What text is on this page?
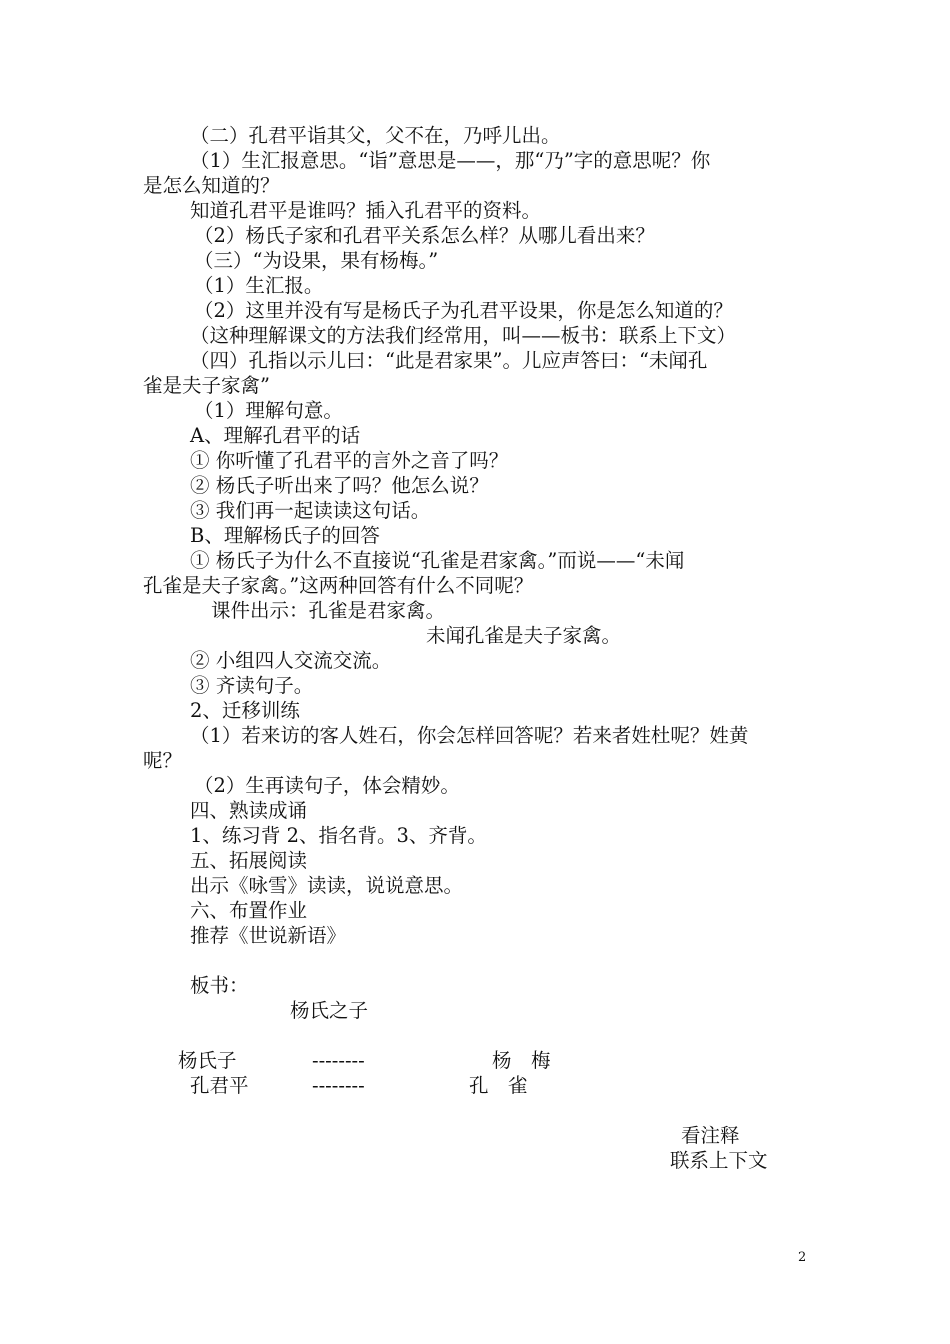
（二）孔君平诣其父，父不在，乃呼儿出。
（1）生汇报意思。“诣”意思是——，那“乃”字的意思呢？你
是怎么知道的？
知道孔君平是谁吗？插入孔君平的资料。
（2）杨氏子家和孔君平关系怎么样？从哪儿看出来？
（三）“为设果，果有杨梅。”
（1）生汇报。
（2）这里并没有写是杨氏子为孔君平设果，你是怎么知道的？
（这种理解课文的方法我们经常用，叫——板书：联系上下文）
（四）孔指以示儿曰：“此是君家果”。儿应声答曰：“未闻孔
雀是夫子家禽”
（1）理解句意。
A、理解孔君平的话
① 你听懂了孔君平的言外之音了吗？
② 杨氏子听出来了吗？他怎么说？
③ 我们再一起读读这句话。
B、理解杨氏子的回答
① 杨氏子为什么不直接说“孔雀是君家禽。”而说——“未闻
孔雀是夫子家禽。”这两种回答有什么不同呢？
课件出示：孔雀是君家禽。
未闻孔雀是夫子家禽。
② 小组四人交流交流。
③ 齐读句子。
2、迁移训练
（1）若来访的客人姓石，你会怎样回答呢？若来者姓杜呢？姓黄
呢？
（2）生再读句子，体会精妙。
四、熟读成诵
1、练习背 2、指名背。3、齐背。
五、拓展阅读
出示《咏雪》读读，说说意思。
六、布置作业
推荐《世说新语》
板书：
杨氏之子
杨氏子	--------	杨　梅
孔君平	--------	孔　雀
看注释
联系上下文
2
